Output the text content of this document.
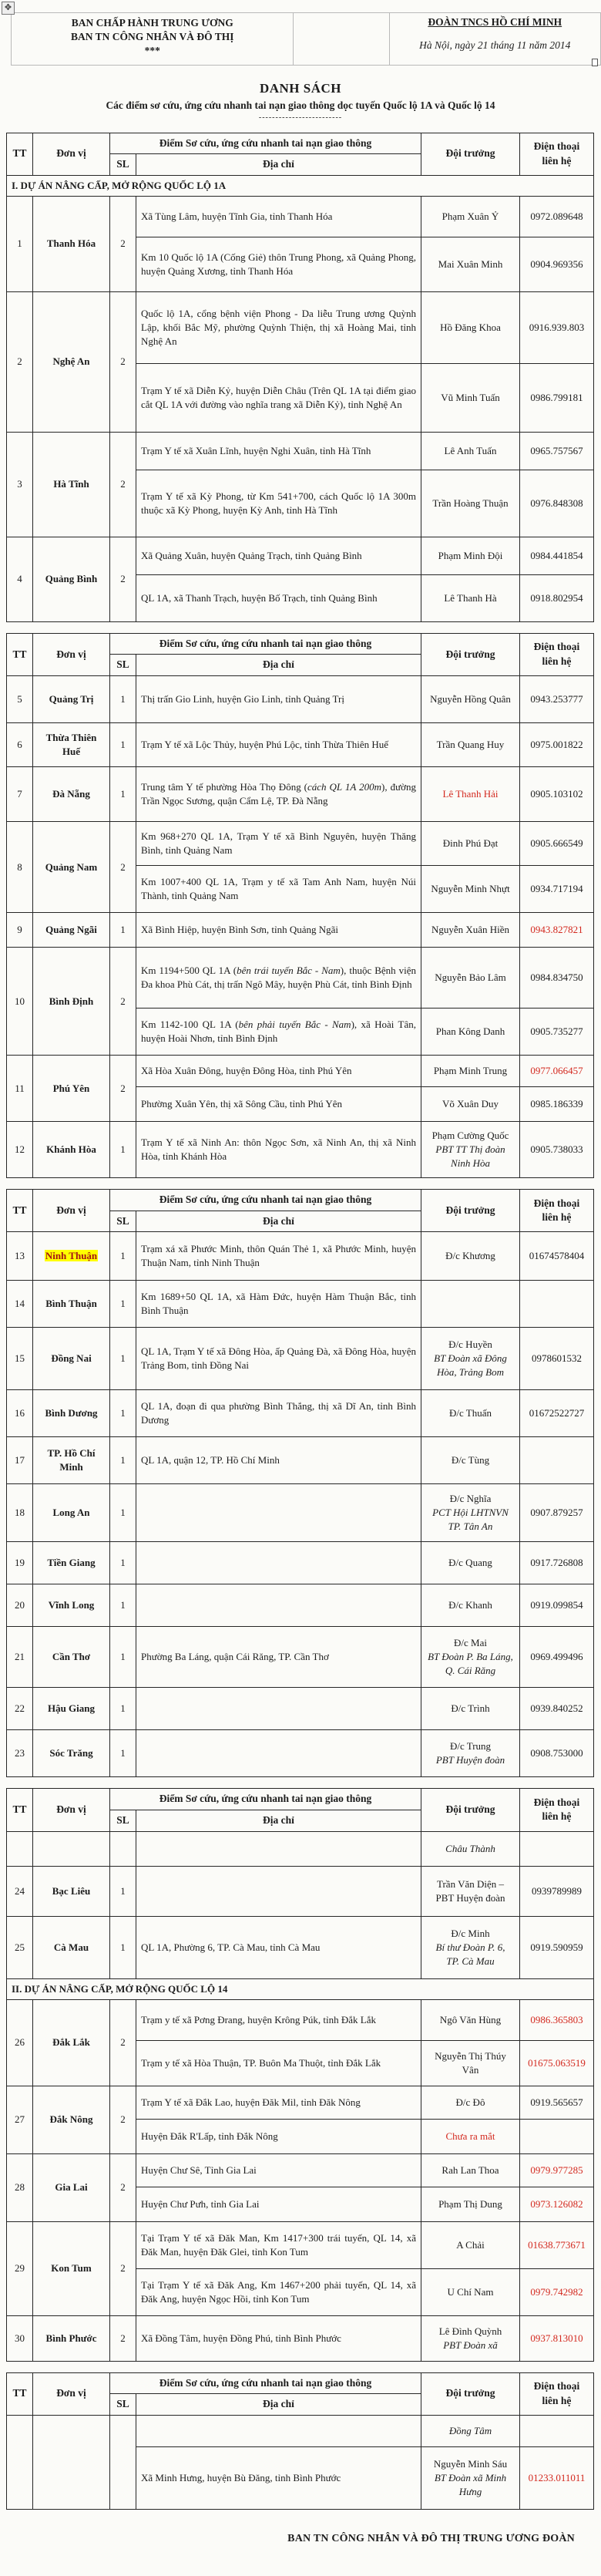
✥
BAN CHẤP HÀNH TRUNG ƯƠNG
BAN TN CÔNG NHÂN VÀ ĐÔ THỊ
***

ĐOÀN TNCS HỒ CHÍ MINH
Hà Nội, ngày 21 tháng 11 năm 2014
DANH SÁCH
Các điểm sơ cứu, ứng cứu nhanh tai nạn giao thông dọc tuyến Quốc lộ 1A và Quốc lộ 14
-------------------------
TT	Đơn vị	Điểm Sơ cứu, ứng cứu nhanh tai nạn giao thông		Đội trưởng	Điện thoại liên hệ
		SL	Địa chỉ		
I. DỰ ÁN NÂNG CẤP, MỞ RỘNG QUỐC LỘ 1A					
1	Thanh Hóa	2	Xã Tùng Lâm, huyện Tĩnh Gia, tỉnh Thanh Hóa	Phạm Xuân Ỷ	0972.089648
			Km 10 Quốc lộ 1A (Cống Giẻ) thôn Trung Phong, xã Quảng Phong, huyện Quảng Xương, tỉnh Thanh Hóa	Mai Xuân Minh	0904.969356
2	Nghệ An	2	Quốc lộ 1A, cổng bệnh viện Phong - Da liễu Trung ương Quỳnh Lập, khối Bắc Mỹ, phường Quỳnh Thiện, thị xã Hoàng Mai, tỉnh Nghệ An	Hồ Đăng Khoa	0916.939.803
			Trạm Y tế xã Diễn Kỷ, huyện Diễn Châu (Trên QL 1A tại điểm giao cắt QL 1A với đường vào nghĩa trang xã Diễn Kỷ), tỉnh Nghệ An	Vũ Minh Tuấn	0986.799181
3	Hà Tĩnh	2	Trạm Y tế xã Xuân Lĩnh, huyện Nghi Xuân, tỉnh Hà Tĩnh	Lê Anh Tuấn	0965.757567
			Trạm Y tế xã Kỳ Phong, từ Km 541+700, cách Quốc lộ 1A 300m thuộc xã Kỳ Phong, huyện Kỳ Anh, tỉnh Hà Tĩnh	Trần Hoàng Thuận	0976.848308
4	Quảng Bình	2	Xã Quảng Xuân, huyện Quảng Trạch, tỉnh Quảng Bình	Phạm Minh Đội	0984.441854
			QL 1A, xã Thanh Trạch, huyện Bố Trạch, tỉnh Quảng Bình	Lê Thanh Hà	0918.802954
TT	Đơn vị	Điểm Sơ cứu, ứng cứu nhanh tai nạn giao thông		Đội trưởng	Điện thoại liên hệ
		SL	Địa chỉ		
5	Quảng Trị	1	Thị trấn Gio Linh, huyện Gio Linh, tỉnh Quảng Trị	Nguyễn Hồng Quân	0943.253777
6	Thừa Thiên Huế	1	Trạm Y tế xã Lộc Thủy, huyện Phú Lộc, tỉnh Thừa Thiên Huế	Trần Quang Huy	0975.001822
7	Đà Nẵng	1	Trung tâm Y tế phường Hòa Thọ Đông (cách QL 1A 200m), đường Trần Ngọc Sương, quận Cẩm Lệ, TP. Đà Nẵng	Lê Thanh Hải	0905.103102
8	Quảng Nam	2	Km 968+270 QL 1A, Trạm Y tế xã Bình Nguyên, huyện Thăng Bình, tỉnh Quảng Nam	Đinh Phú Đạt	0905.666549
			Km 1007+400 QL 1A, Trạm y tế xã Tam Anh Nam, huyện Núi Thành, tỉnh Quảng Nam	Nguyễn Minh Nhựt	0934.717194
9	Quảng Ngãi	1	Xã Bình Hiệp, huyện Bình Sơn, tỉnh Quảng Ngãi	Nguyễn Xuân Hiền	0943.827821
10	Bình Định	2	Km 1194+500 QL 1A (bên trái tuyến Bắc - Nam), thuộc Bệnh viện Đa khoa Phù Cát, thị trấn Ngô Mây, huyện Phù Cát, tỉnh Bình Định	Nguyễn Bảo Lâm	0984.834750
			Km 1142-100 QL 1A (bên phải tuyến Bắc - Nam), xã Hoài Tân, huyện Hoài Nhơn, tỉnh Bình Định	Phan Kông Danh	0905.735277
11	Phú Yên	2	Xã Hòa Xuân Đông, huyện Đông Hòa, tỉnh Phú Yên	Phạm Minh Trung	0977.066457
			Phường Xuân Yên, thị xã Sông Cầu, tỉnh Phú Yên	Võ Xuân Duy	0985.186339
12	Khánh Hòa	1	Trạm Y tế xã Ninh An: thôn Ngọc Sơn, xã Ninh An, thị xã Ninh Hòa, tỉnh Khánh Hòa	Phạm Cường Quốc
PBT TT Thị đoàn Ninh Hòa	0905.738033
TT	Đơn vị	Điểm Sơ cứu, ứng cứu nhanh tai nạn giao thông		Đội trưởng	Điện thoại liên hệ
		SL	Địa chỉ		
13	Ninh Thuận	1	Trạm xá xã Phước Minh, thôn Quán Thẻ 1, xã Phước Minh, huyện Thuận Nam, tỉnh Ninh Thuận	Đ/c Khương	01674578404
14	Bình Thuận	1	Km 1689+50 QL 1A, xã Hàm Đức, huyện Hàm Thuận Bắc, tỉnh Bình Thuận		
15	Đồng Nai	1	QL 1A, Trạm Y tế xã Đông Hòa, ấp Quảng Đà, xã Đông Hòa, huyện Trảng Bom, tỉnh Đồng Nai	Đ/c Huyền
BT Đoàn xã Đông Hòa, Trảng Bom	0978601532
16	Bình Dương	1	QL 1A, đoạn đi qua phường Bình Thắng, thị xã Dĩ An, tỉnh Bình Dương	Đ/c Thuấn	01672522727
17	TP. Hồ Chí Minh	1	QL 1A, quận 12, TP. Hồ Chí Minh	Đ/c Tùng	

18	Long An	1		Đ/c Nghĩa
PCT Hội LHTNVN
TP. Tân An	0907.879257
19	Tiền Giang	1		Đ/c Quang	0917.726808
20	Vĩnh Long	1		Đ/c Khanh	0919.099854
21	Cần Thơ	1	Phường Ba Láng, quận Cái Răng, TP. Cần Thơ	Đ/c Mai
BT Đoàn P. Ba Láng, Q. Cái Răng	0969.499496
22	Hậu Giang	1		Đ/c Trình	0939.840252
23	Sóc Trăng	1		Đ/c Trung
PBT Huyện đoàn	0908.753000
TT	Đơn vị	Điểm Sơ cứu, ứng cứu nhanh tai nạn giao thông		Đội trưởng	Điện thoại liên hệ
		SL	Địa chỉ		

				Châu Thành	

24	Bạc Liêu	1		Trần Văn Diện –
PBT Huyện đoàn	0939789989
25	Cà Mau	1	QL 1A, Phường 6, TP. Cà Mau, tỉnh Cà Mau	Đ/c Minh
Bí thư Đoàn P. 6,
TP. Cà Mau	0919.590959
II. DỰ ÁN NÂNG CẤP, MỞ RỘNG QUỐC LỘ 14					
26	Đắk Lắk	2	Trạm y tế xã Pơng Đrang, huyện Krông Púk, tỉnh Đắk Lắk	Ngô Văn Hùng	0986.365803
			Trạm y tế xã Hòa Thuận, TP. Buôn Ma Thuột, tỉnh Đắk Lắk	Nguyễn Thị Thúy Vân	01675.063519
27	Đắk Nông	2	Trạm Y tế xã Đắk Lao, huyện Đăk Mil, tỉnh Đăk Nông	Đ/c Đô	0919.565657
			Huyện Đắk R'Lấp, tỉnh Đắk Nông	Chưa ra mắt	

28	Gia Lai	2	Huyện Chư Sê, Tỉnh Gia Lai	Rah Lan Thoa	0979.977285
			Huyện Chư Pưh, tỉnh Gia Lai	Phạm Thị Dung	0973.126082
29	Kon Tum	2	Tại Trạm Y tế xã Đăk Man, Km 1417+300 trái tuyến, QL 14, xã Đăk Man, huyện Đăk Glei, tỉnh Kon Tum	A Chải	01638.773671
			Tại Trạm Y tế xã Đăk Ang, Km 1467+200 phải tuyến, QL 14, xã Đăk Ang, huyện Ngọc Hồi, tỉnh Kon Tum	U Chí Nam	0979.742982
30	Bình Phước	2	Xã Đồng Tâm, huyện Đồng Phú, tỉnh Bình Phước	Lê Đình Quỳnh
PBT Đoàn xã	0937.813010
TT	Đơn vị	Điểm Sơ cứu, ứng cứu nhanh tai nạn giao thông		Đội trưởng	Điện thoại liên hệ
		SL	Địa chỉ		

				Đồng Tâm	

			Xã Minh Hưng, huyện Bù Đăng, tỉnh Bình Phước	Nguyễn Minh Sáu
BT Đoàn xã Minh
Hưng	01233.011011
BAN TN CÔNG NHÂN VÀ ĐÔ THỊ TRUNG ƯƠNG ĐOÀN
